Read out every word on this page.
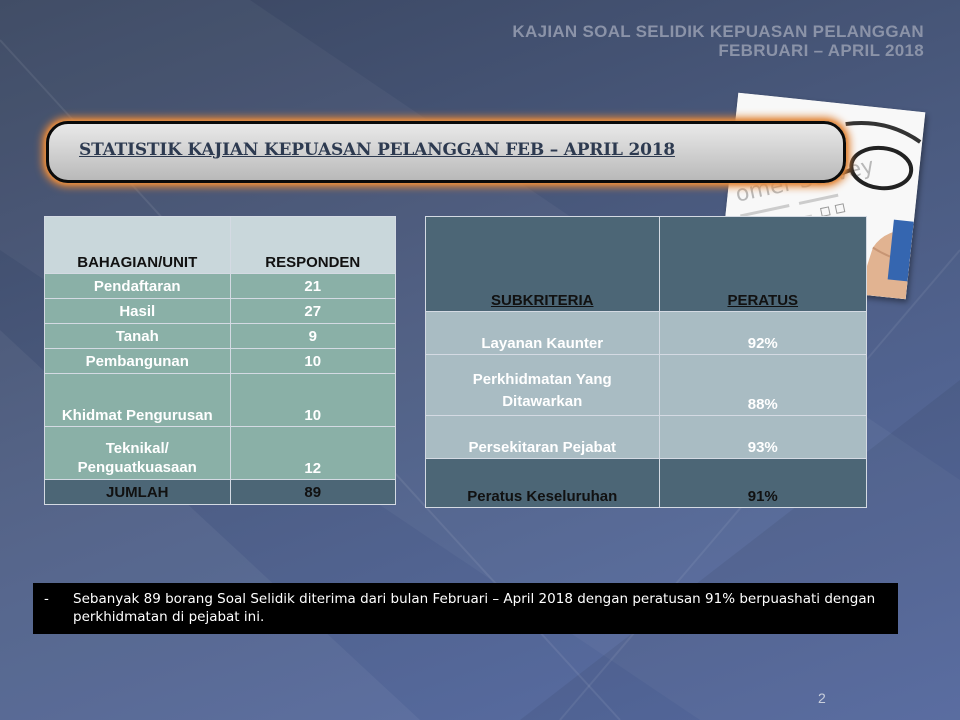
KAJIAN SOAL SELIDIK KEPUASAN PELANGGAN
FEBRUARI – APRIL 2018
omer
STATISTIK KAJIAN KEPUASAN PELANGGAN FEB – APRIL 2018
BAHAGIAN/UNIT	RESPONDEN
Pendaftaran	21
Hasil	27
Tanah	9
Pembangunan	10
Khidmat Pengurusan	10

Teknikal/
Penguatkuasaan	12
JUMLAH	89
SUBKRITERIA	PERATUS
Layanan Kaunter	92%

Perkhidmatan Yang
Ditawarkan	88%
Persekitaran Pejabat	93%
Peratus Keseluruhan	91%
- Sebanyak 89 borang Soal Selidik diterima dari bulan Februari – April 2018 dengan peratusan 91% berpuashati dengan perkhidmatan di pejabat ini.
2
